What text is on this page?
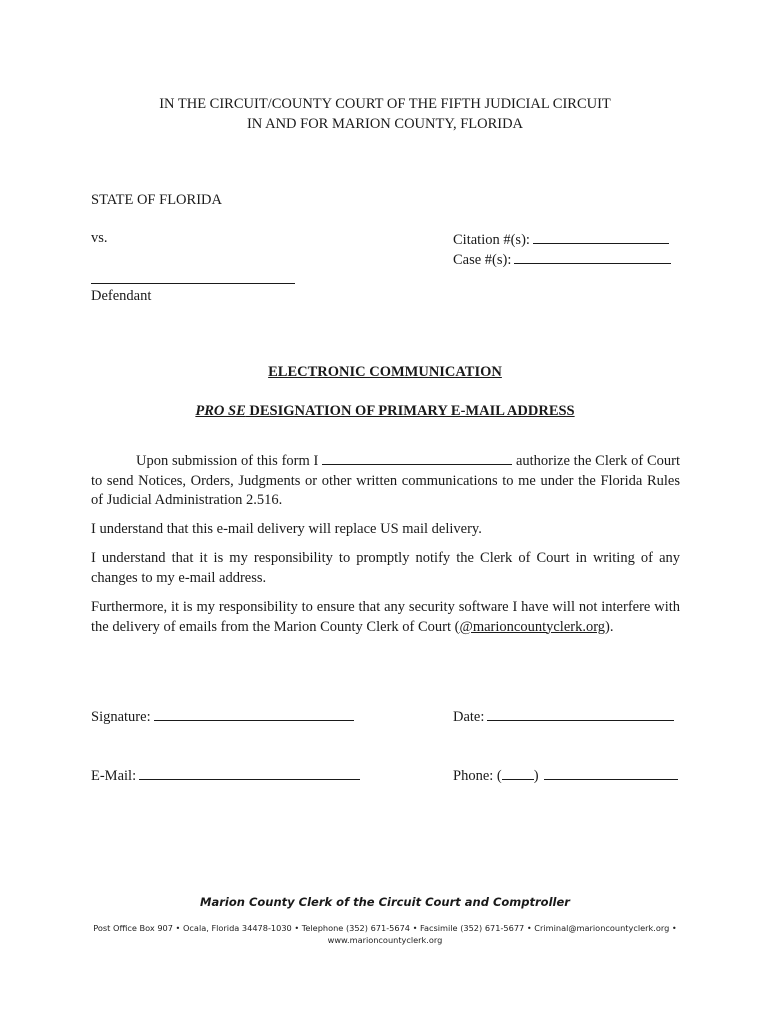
IN THE CIRCUIT/COUNTY COURT OF THE FIFTH JUDICIAL CIRCUIT
IN AND FOR MARION COUNTY, FLORIDA
STATE OF FLORIDA
vs.	Citation #(s):
Case #(s):
Defendant
ELECTRONIC COMMUNICATION
PRO SE DESIGNATION OF PRIMARY E-MAIL ADDRESS

Upon submission of this form I	authorize the Clerk of Court to send Notices, Orders, Judgments or other written communications to me under the Florida Rules of Judicial Administration 2.516.

I understand that this e-mail delivery will replace US mail delivery.

I understand that it is my responsibility to promptly notify the Clerk of Court in writing of any changes to my e-mail address.

Furthermore, it is my responsibility to ensure that any security software I have will not interfere with the delivery of emails from the Marion County Clerk of Court (@marioncountyclerk.org).

Signature:	Date:
E-Mail:	Phone: ( )
Marion County Clerk of the Circuit Court and Comptroller
Post Office Box 907 • Ocala, Florida 34478-1030 • Telephone (352) 671-5674 • Facsimile (352) 671-5677 • Criminal@marioncountyclerk.org •
www.marioncountyclerk.org
